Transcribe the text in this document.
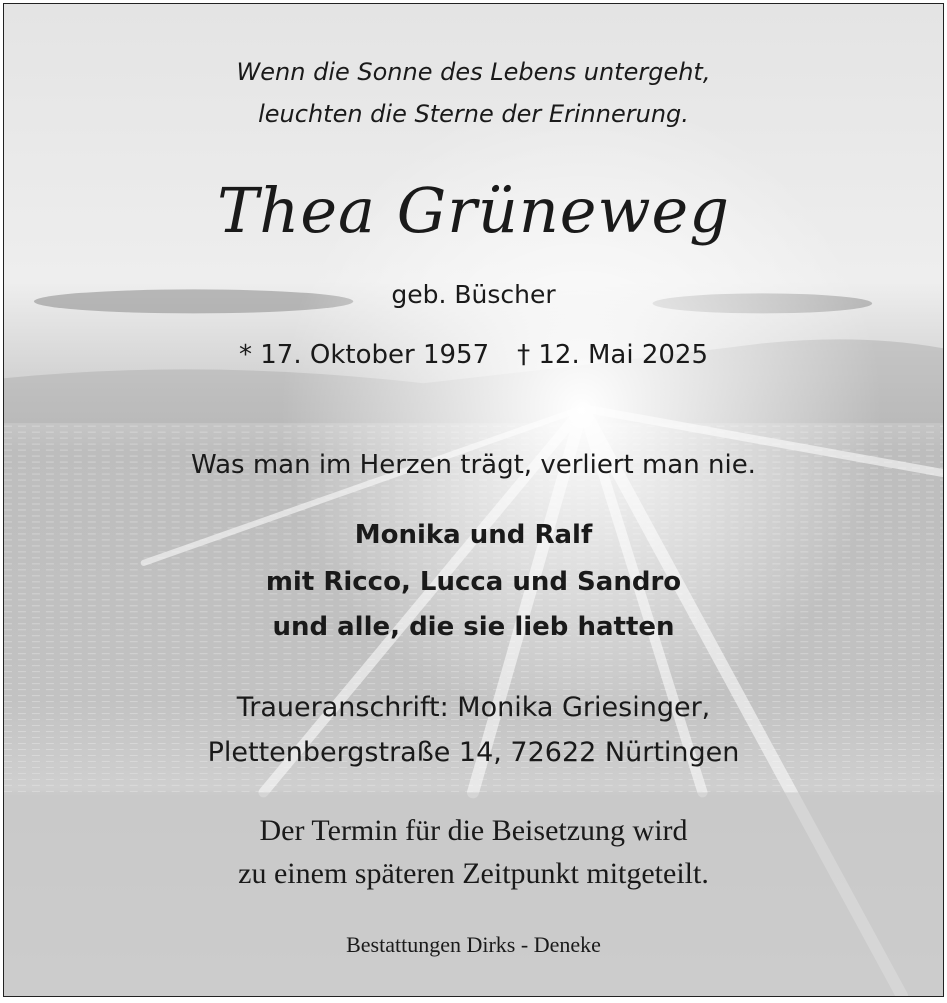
Wenn die Sonne des Lebens untergeht,
leuchten die Sterne der Erinnerung.
Thea Grüneweg
geb. Büscher
* 17. Oktober 1957 † 12. Mai 2025
Was man im Herzen trägt, verliert man nie.
Monika und Ralf
mit Ricco, Lucca und Sandro
und alle, die sie lieb hatten
Traueranschrift: Monika Griesinger,
Plettenbergstraße 14, 72622 Nürtingen
Der Termin für die Beisetzung wird
zu einem späteren Zeitpunkt mitgeteilt.
Bestattungen Dirks - Deneke
